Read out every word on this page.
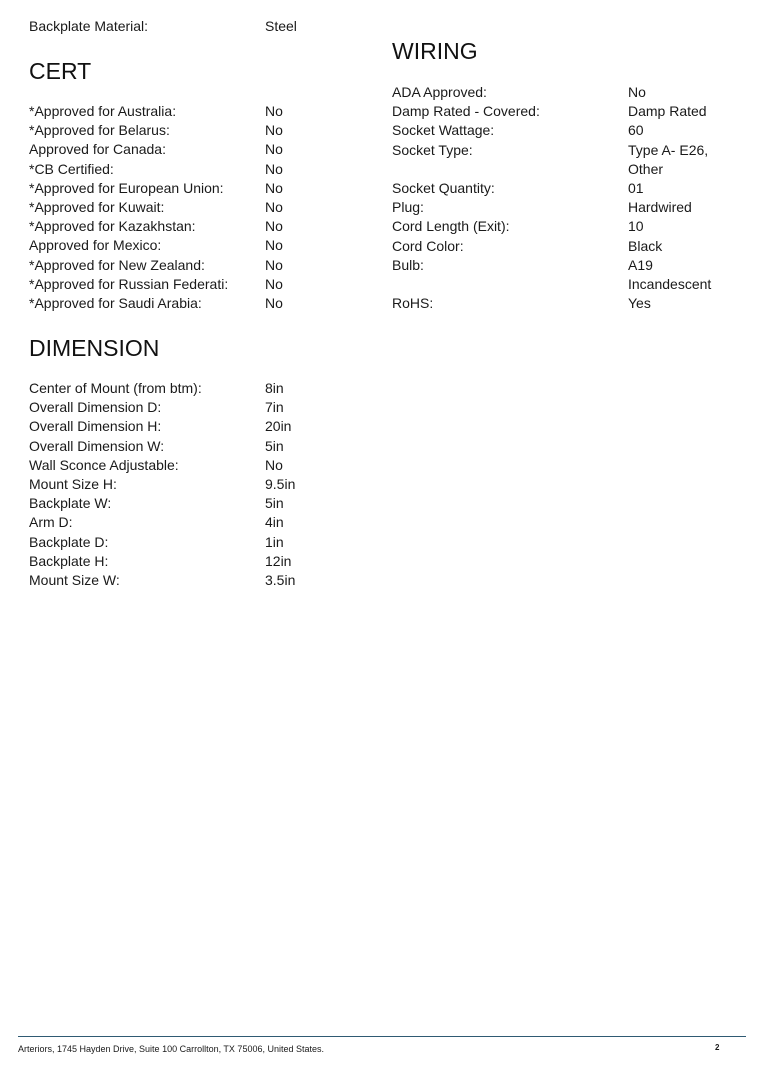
Backplate Material:	Steel
CERT
*Approved for Australia:	No
*Approved for Belarus:	No
Approved for Canada:	No
*CB Certified:	No
*Approved for European Union:	No
*Approved for Kuwait:	No
*Approved for Kazakhstan:	No
Approved for Mexico:	No
*Approved for New Zealand:	No
*Approved for Russian Federati:	No
*Approved for Saudi Arabia:	No
DIMENSION
Center of Mount (from btm):	8in
Overall Dimension D:	7in
Overall Dimension H:	20in
Overall Dimension W:	5in
Wall Sconce Adjustable:	No
Mount Size H:	9.5in
Backplate W:	5in
Arm D:	4in
Backplate D:	1in
Backplate H:	12in
Mount Size W:	3.5in
WIRING
ADA Approved:	No
Damp Rated - Covered:	Damp Rated
Socket Wattage:	60
Socket Type:	Type A- E26,
Other
Socket Quantity:	01
Plug:	Hardwired
Cord Length (Exit):	10
Cord Color:	Black
Bulb:	A19
Incandescent
RoHS:	Yes
Arteriors, 1745 Hayden Drive, Suite 100 Carrollton, TX 75006, United States.	2
